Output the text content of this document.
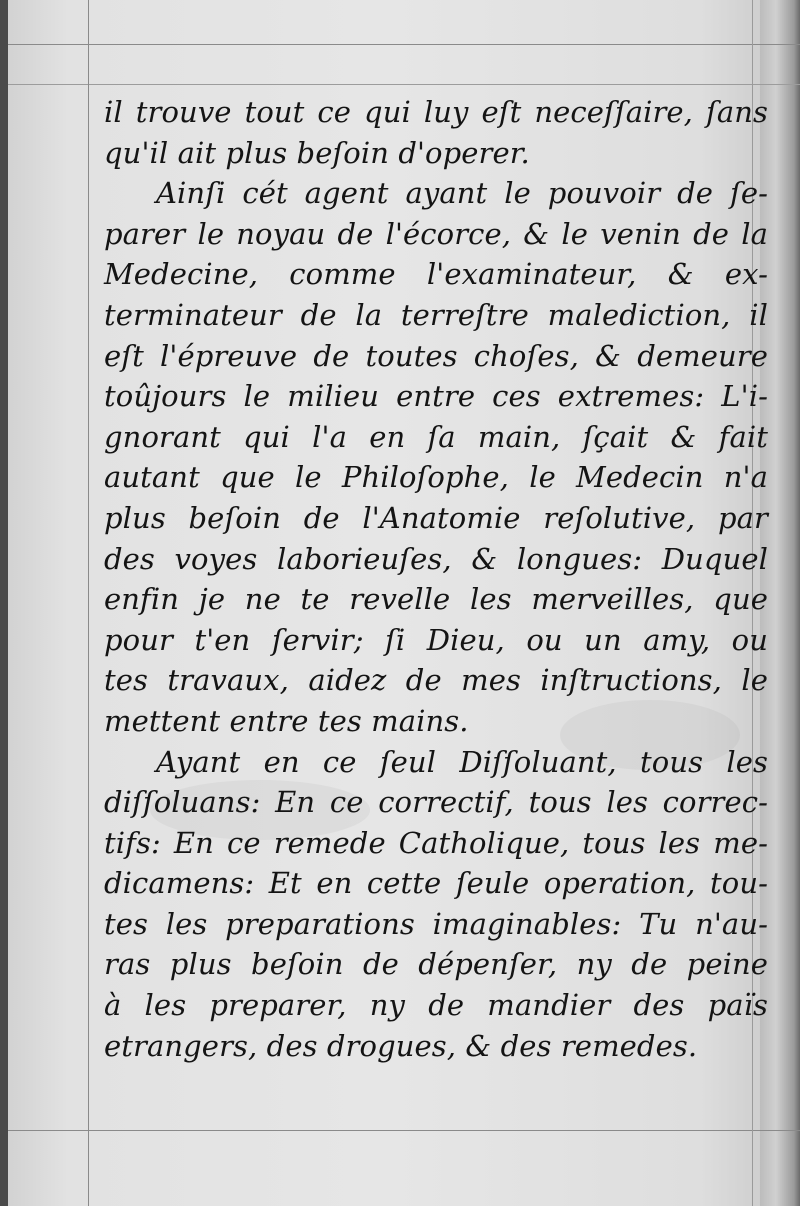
il trouve tout ce qui luy eſt neceſſaire, ſans
qu'il ait plus beſoin d'operer.
Ainſi cét agent ayant le pouvoir de ſe-
parer le noyau de l'écorce, & le venin de la
Medecine, comme l'examinateur, & ex-
terminateur de la terreſtre malediction, il
eſt l'épreuve de toutes choſes, & demeure
toûjours le milieu entre ces extremes: L'i-
gnorant qui l'a en ſa main, ſçait & fait
autant que le Philoſophe, le Medecin n'a
plus beſoin de l'Anatomie reſolutive, par
des voyes laborieuſes, & longues: Duquel
enfin je ne te revelle les merveilles, que
pour t'en ſervir; ſi Dieu, ou un amy, ou
tes travaux, aidez de mes inſtructions, le
mettent entre tes mains.
Ayant en ce ſeul Diſſoluant, tous les
diſſoluans: En ce correctif, tous les correc-
tifs: En ce remede Catholique, tous les me-
dicamens: Et en cette ſeule operation, tou-
tes les preparations imaginables: Tu n'au-
ras plus beſoin de dépenſer, ny de peine
à les preparer, ny de mandier des païs
etrangers, des drogues, & des remedes.
